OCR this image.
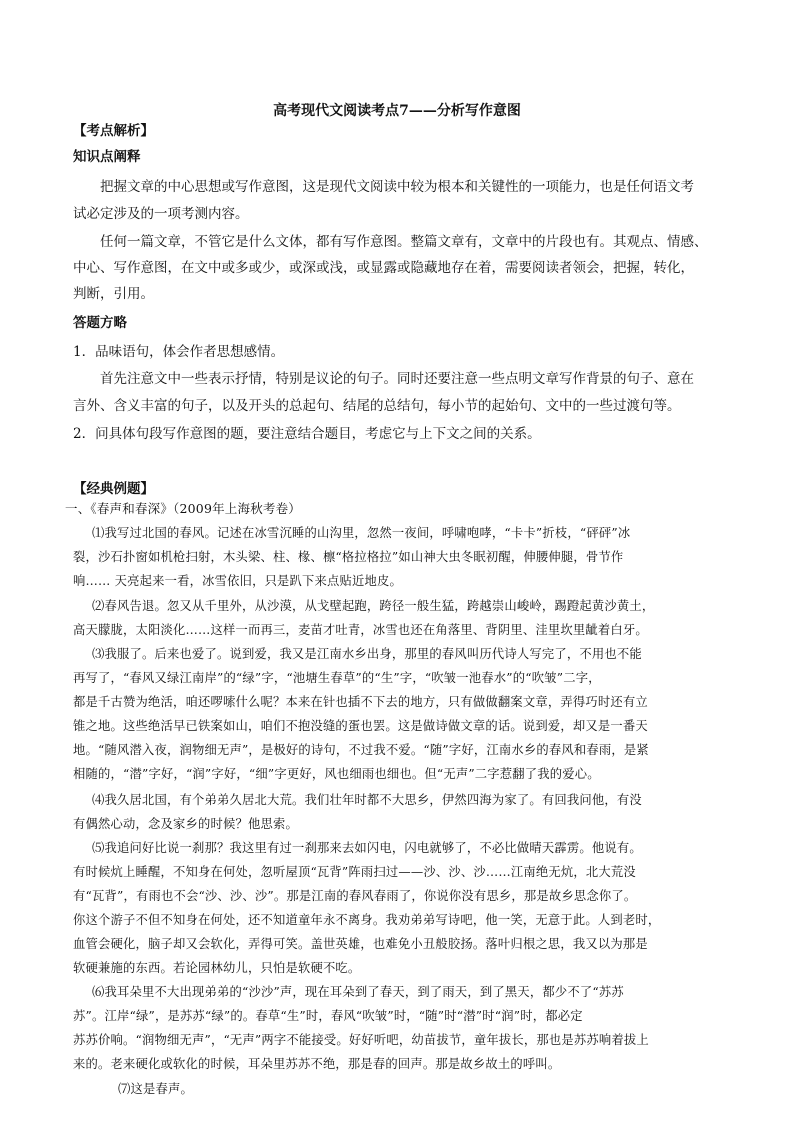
高考现代文阅读考点7——分析写作意图
【考点解析】
知识点阐释
把握文章的中心思想或写作意图，这是现代文阅读中较为根本和关键性的一项能力，也是任何语文考
试必定涉及的一项考测内容。
任何一篇文章，不管它是什么文体，都有写作意图。整篇文章有，文章中的片段也有。其观点、情感、
中心、写作意图，在文中或多或少，或深或浅，或显露或隐藏地存在着，需要阅读者领会，把握，转化，
判断，引用。
答题方略
1．品味语句，体会作者思想感情。
首先注意文中一些表示抒情，特别是议论的句子。同时还要注意一些点明文章写作背景的句子、意在
言外、含义丰富的句子，以及开头的总起句、结尾的总结句，每小节的起始句、文中的一些过渡句等。
2．问具体句段写作意图的题，要注意结合题目，考虑它与上下文之间的关系。
【经典例题】
一、《春声和春深》（2009年上海秋考卷）
⑴我写过北国的春风。记述在冰雪沉睡的山沟里，忽然一夜间，呼啸咆哮，“卡卡”折枝，“砰砰”冰
裂，沙石扑窗如机枪扫射，木头梁、柱、椽、檩“格拉格拉”如山神大虫冬眠初醒，伸腰伸腿，骨节作
响…… 天亮起来一看，冰雪依旧，只是趴下来点贴近地皮。
⑵春风告退。忽又从千里外，从沙漠，从戈壁起跑，跨径一般生猛，跨越崇山峻岭，踢蹬起黄沙黄土，
高天朦胧，太阳淡化……这样一而再三，麦苗才吐青，冰雪也还在角落里、背阴里、洼里坎里龇着白牙。
⑶我服了。后来也爱了。说到爱，我又是江南水乡出身，那里的春风叫历代诗人写完了，不用也不能
再写了，“春风又绿江南岸”的“绿”字，“池塘生春草”的“生”字，“吹皱一池春水”的“吹皱”二字，
都是千古赞为绝活，咱还啰嗦什么呢？本来在针也插不下去的地方，只有做做翻案文章，弄得巧时还有立
锥之地。这些绝活早已铁案如山，咱们不抱没缝的蛋也罢。这是做诗做文章的话。说到爱，却又是一番天
地。“随风潜入夜，润物细无声”，是极好的诗句，不过我不爱。“随”字好，江南水乡的春风和春雨，是紧
相随的，“潜”字好，“润”字好，“细”字更好，风也细雨也细也。但“无声”二字惹翻了我的爱心。
⑷我久居北国，有个弟弟久居北大荒。我们壮年时都不大思乡，伊然四海为家了。有回我问他，有没
有偶然心动，念及家乡的时候？他思索。
⑸我追问好比说一刹那？我这里有过一刹那来去如闪电，闪电就够了，不必比做晴天霹雳。他说有。
有时候炕上睡醒，不知身在何处，忽听屋顶“瓦背”阵雨扫过——沙、沙、沙……江南绝无炕，北大荒没
有“瓦背”，有雨也不会“沙、沙、沙”。那是江南的春风春雨了，你说你没有思乡，那是故乡思念你了。
你这个游子不但不知身在何处，还不知道童年永不离身。我劝弟弟写诗吧，他一笑，无意于此。人到老时，
血管会硬化，脑子却又会软化，弄得可笑。盖世英雄，也难免小丑般胶扬。落叶归根之思，我又以为那是
软硬兼施的东西。若论园林幼儿，只怕是软硬不吃。
⑹我耳朵里不大出现弟弟的“沙沙”声，现在耳朵到了春天，到了雨天，到了黑天，都少不了“苏苏
苏”。江岸“绿”，是苏苏“绿”的。春草“生”时，春风“吹皱”时，“随”时“潜”时“润”时，都必定
苏苏价响。“润物细无声”，“无声”两字不能接受。好好听吧，幼苗拔节，童年拔长，那也是苏苏响着拔上
来的。老来硬化或软化的时候，耳朵里苏苏不绝，那是春的回声。那是故乡故土的呼叫。
⑺这是春声。
